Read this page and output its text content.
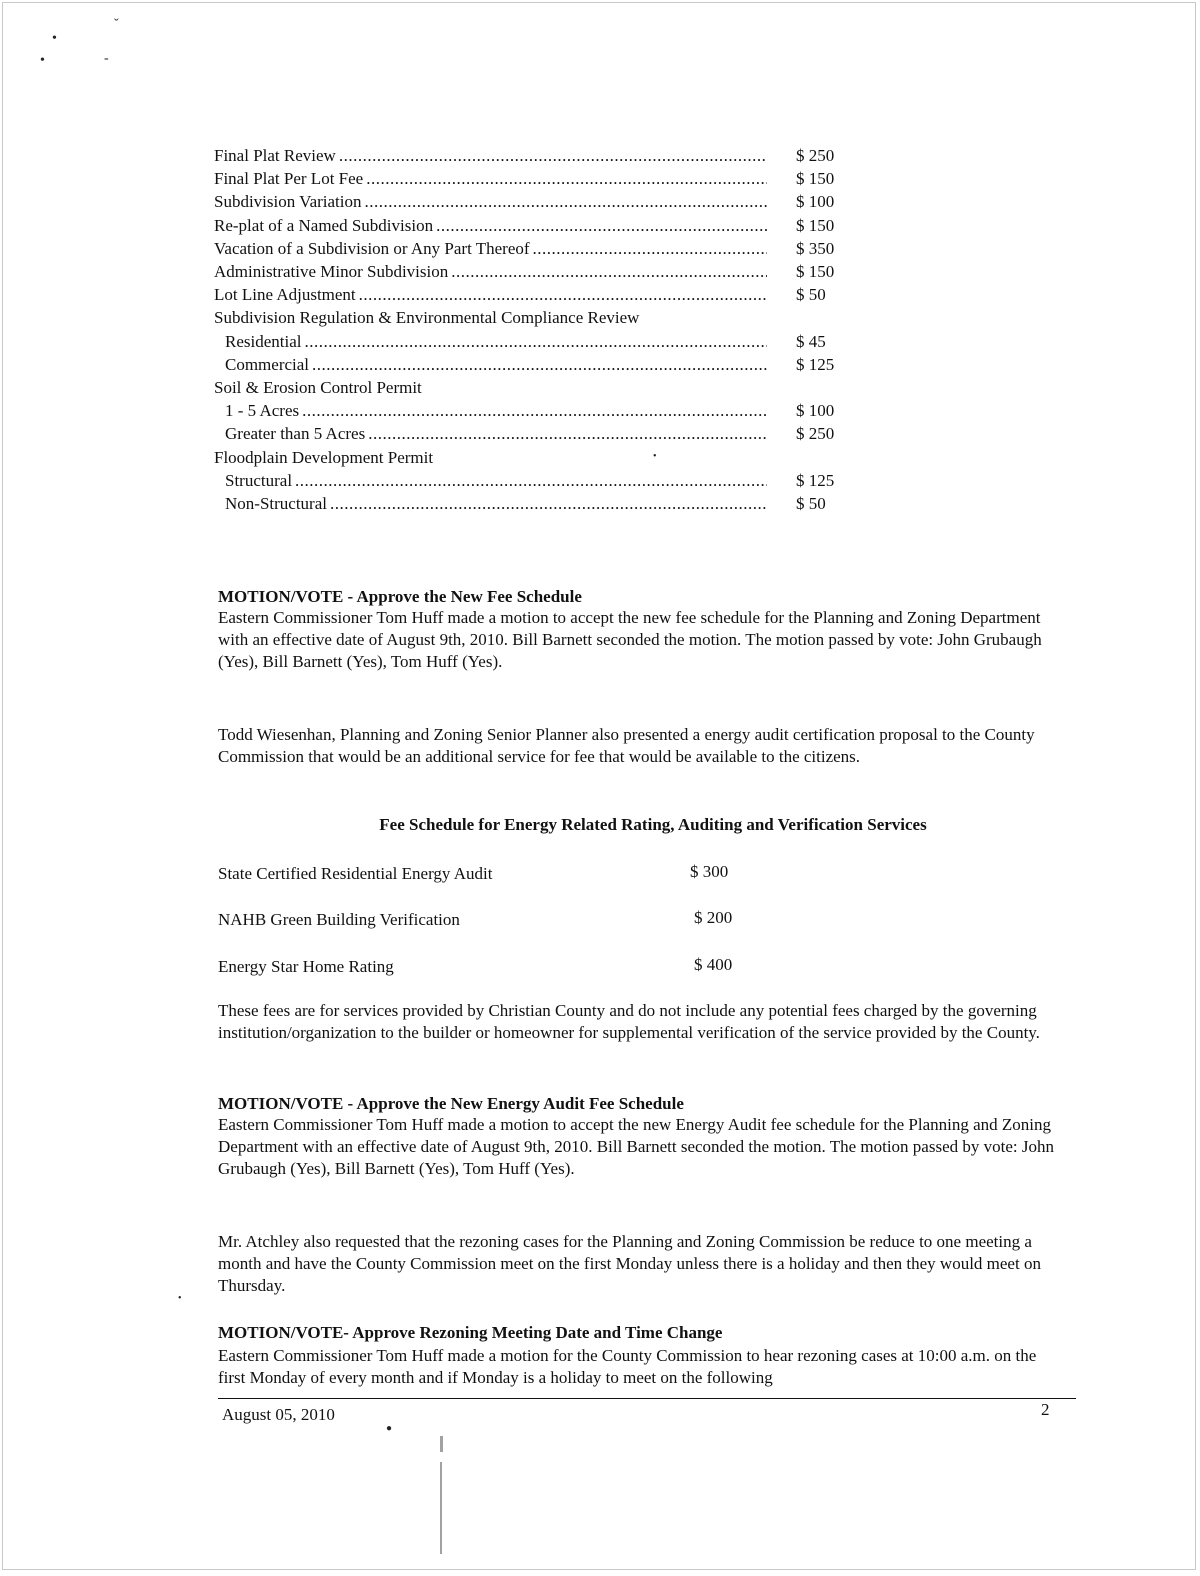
ˇ
•
•	‐
•
●
•
Final Plat Review .....	$ 250
Final Plat Per Lot Fee .....	$ 150
Subdivision Variation .....	$ 100
Re-plat of a Named Subdivision .....	$ 150
Vacation of a Subdivision or Any Part Thereof .....	$ 350
Administrative Minor Subdivision .....	$ 150
Lot Line Adjustment .....	$ 50
Subdivision Regulation & Environmental Compliance Review
Residential .....	$ 45
Commercial .....	$ 125
Soil & Erosion Control Permit
1 - 5 Acres .....	$ 100
Greater than 5 Acres .....	$ 250
Floodplain Development Permit
Structural .....	$ 125
Non-Structural .....	$ 50
MOTION/VOTE - Approve the New Fee Schedule

Eastern Commissioner Tom Huff made a motion to accept the new fee schedule for the Planning and Zoning Department with an effective date of August 9th, 2010. Bill Barnett seconded the motion. The motion passed by vote: John Grubaugh (Yes), Bill Barnett (Yes), Tom Huff (Yes).

Todd Wiesenhan, Planning and Zoning Senior Planner also presented a energy audit certification proposal to the County Commission that would be an additional service for fee that would be available to the citizens.

Fee Schedule for Energy Related Rating, Auditing and Verification Services
State Certified Residential Energy Audit	$ 300
NAHB Green Building Verification	$ 200
Energy Star Home Rating	$ 400

These fees are for services provided by Christian County and do not include any potential fees charged by the governing institution/organization to the builder or homeowner for supplemental verification of the service provided by the County.

MOTION/VOTE - Approve the New Energy Audit Fee Schedule

Eastern Commissioner Tom Huff made a motion to accept the new Energy Audit fee schedule for the Planning and Zoning Department with an effective date of August 9th, 2010. Bill Barnett seconded the motion. The motion passed by vote: John Grubaugh (Yes), Bill Barnett (Yes), Tom Huff (Yes).

Mr. Atchley also requested that the rezoning cases for the Planning and Zoning Commission be reduce to one meeting a month and have the County Commission meet on the first Monday unless there is a holiday and then they would meet on Thursday.

MOTION/VOTE- Approve Rezoning Meeting Date and Time Change

Eastern Commissioner Tom Huff made a motion for the County Commission to hear rezoning cases at 10:00 a.m. on the first Monday of every month and if Monday is a holiday to meet on the following

August 05, 2010	2
